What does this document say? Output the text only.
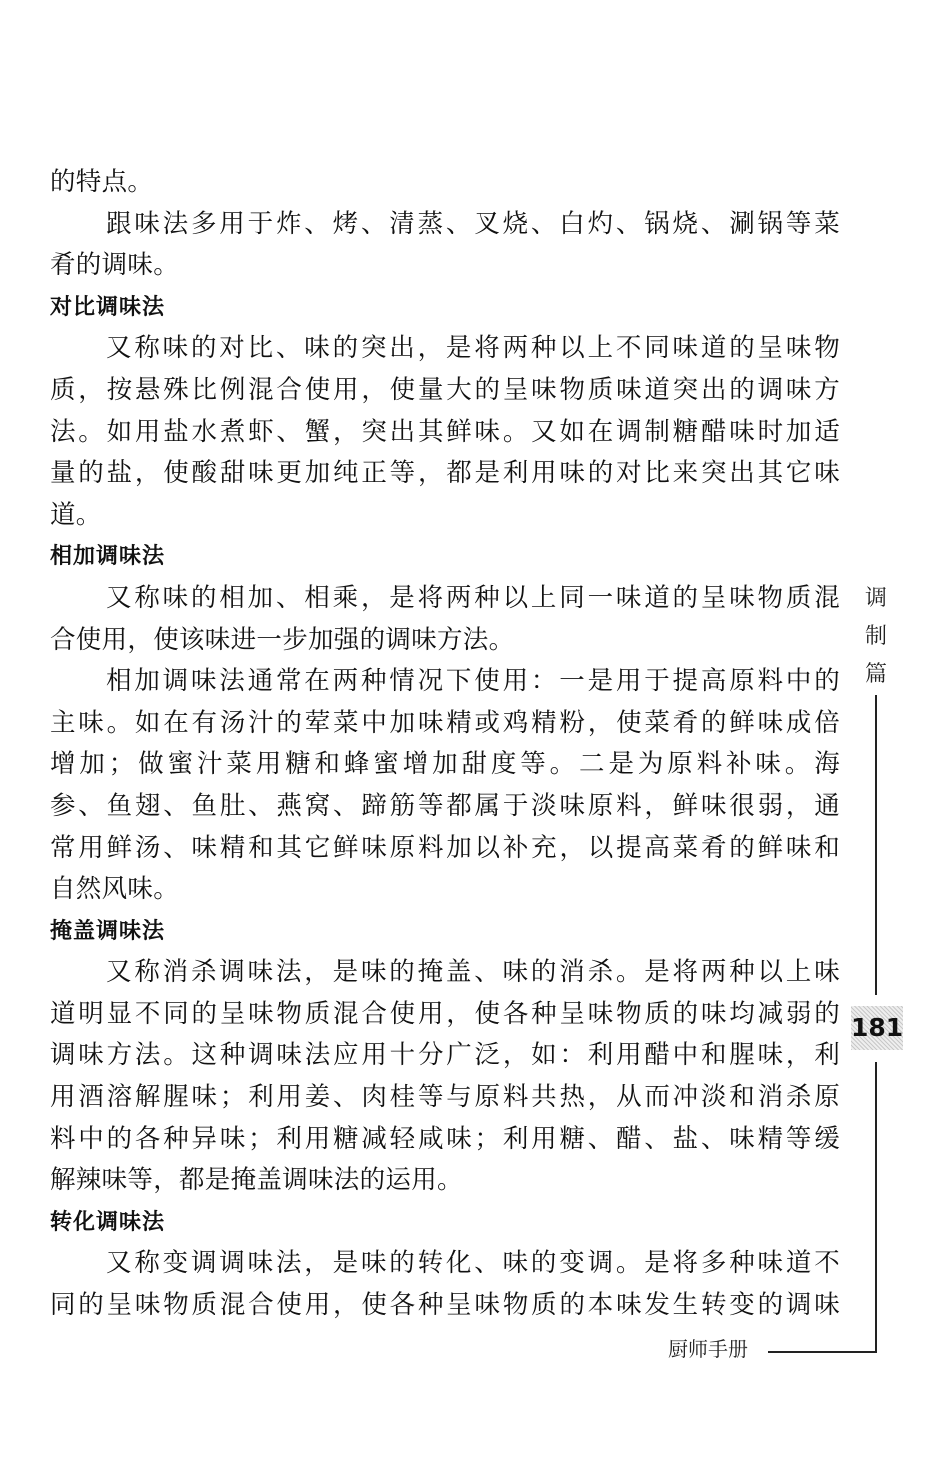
的特点。

跟味法多用于炸、烤、清蒸、叉烧、白灼、锅烧、涮锅等菜

肴的调味。

对比调味法

又称味的对比、味的突出，是将两种以上不同味道的呈味物

质，按悬殊比例混合使用，使量大的呈味物质味道突出的调味方

法。如用盐水煮虾、蟹，突出其鲜味。又如在调制糖醋味时加适

量的盐，使酸甜味更加纯正等，都是利用味的对比来突出其它味

道。

相加调味法

又称味的相加、相乘，是将两种以上同一味道的呈味物质混

合使用，使该味进一步加强的调味方法。

相加调味法通常在两种情况下使用：一是用于提高原料中的

主味。如在有汤汁的荤菜中加味精或鸡精粉，使菜肴的鲜味成倍

增加；做蜜汁菜用糖和蜂蜜增加甜度等。二是为原料补味。海

参、鱼翅、鱼肚、燕窝、蹄筋等都属于淡味原料，鲜味很弱，通

常用鲜汤、味精和其它鲜味原料加以补充，以提高菜肴的鲜味和

自然风味。

掩盖调味法

又称消杀调味法，是味的掩盖、味的消杀。是将两种以上味

道明显不同的呈味物质混合使用，使各种呈味物质的味均减弱的

调味方法。这种调味法应用十分广泛，如：利用醋中和腥味，利

用酒溶解腥味；利用姜、肉桂等与原料共热，从而冲淡和消杀原

料中的各种异味；利用糖减轻咸味；利用糖、醋、盐、味精等缓

解辣味等，都是掩盖调味法的运用。

转化调味法

又称变调调味法，是味的转化、味的变调。是将多种味道不

同的呈味物质混合使用，使各种呈味物质的本味发生转变的调味

调
制
篇
181
厨师手册
